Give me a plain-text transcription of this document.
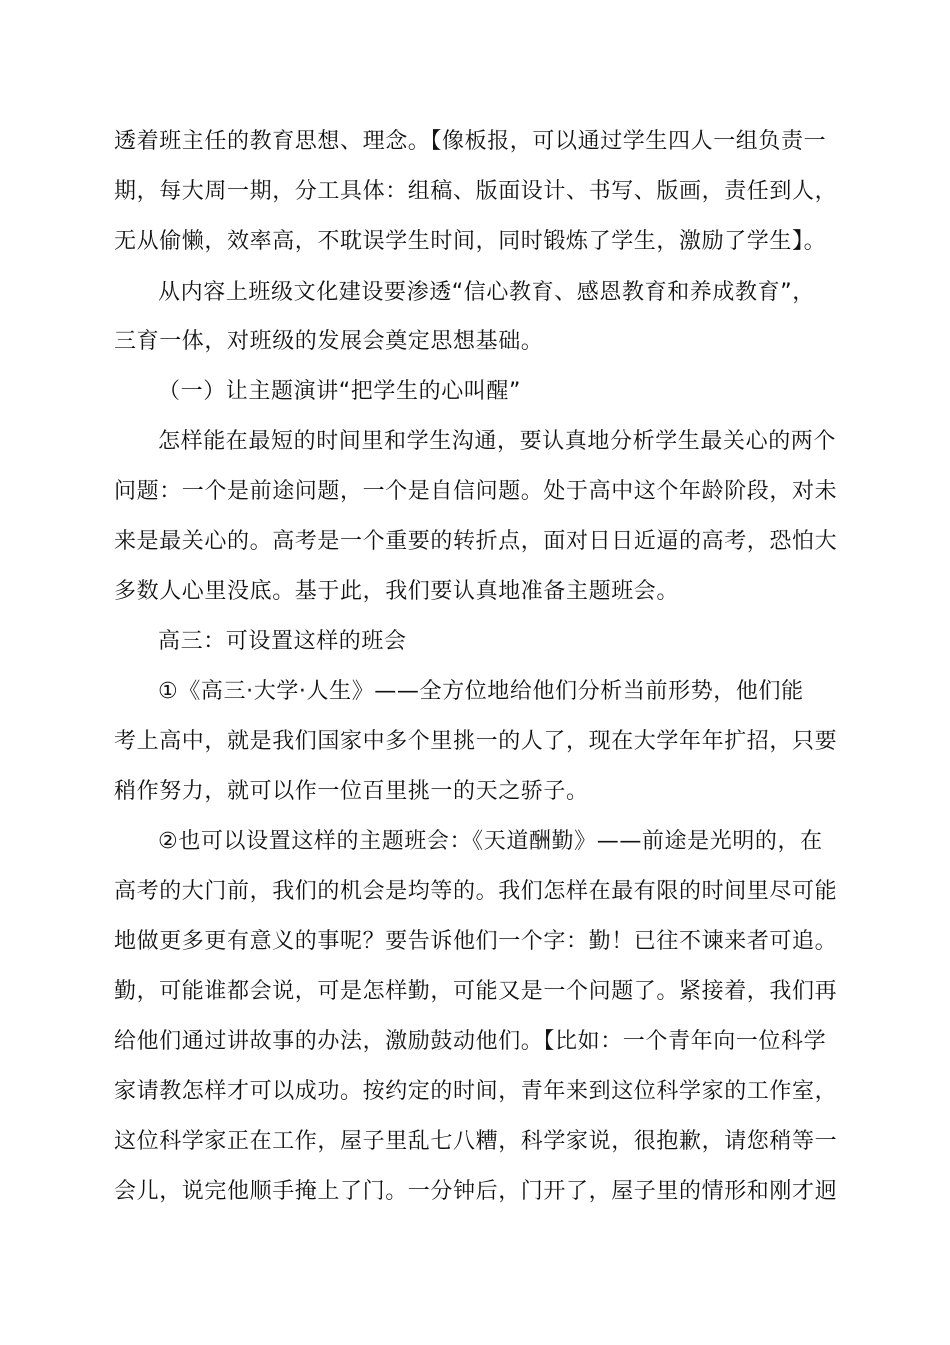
透着班主任的教育思想、理念。【像板报，可以通过学生四人一组负责一
期，每大周一期，分工具体：组稿、版面设计、书写、版画，责任到人，
无从偷懒，效率高，不耽误学生时间，同时锻炼了学生，激励了学生】。
从内容上班级文化建设要渗透“信心教育、感恩教育和养成教育”，
三育一体，对班级的发展会奠定思想基础。
（一）让主题演讲“把学生的心叫醒”
怎样能在最短的时间里和学生沟通，要认真地分析学生最关心的两个
问题：一个是前途问题，一个是自信问题。处于高中这个年龄阶段，对未
来是最关心的。高考是一个重要的转折点，面对日日近逼的高考，恐怕大
多数人心里没底。基于此，我们要认真地准备主题班会。
高三：可设置这样的班会
①《高三·大学·人生》——全方位地给他们分析当前形势，他们能
考上高中，就是我们国家中多个里挑一的人了，现在大学年年扩招，只要
稍作努力，就可以作一位百里挑一的天之骄子。
②也可以设置这样的主题班会：《天道酬勤》——前途是光明的，在
高考的大门前，我们的机会是均等的。我们怎样在最有限的时间里尽可能
地做更多更有意义的事呢？要告诉他们一个字：勤！已往不谏来者可追。
勤，可能谁都会说，可是怎样勤，可能又是一个问题了。紧接着，我们再
给他们通过讲故事的办法，激励鼓动他们。【比如：一个青年向一位科学
家请教怎样才可以成功。按约定的时间，青年来到这位科学家的工作室，
这位科学家正在工作，屋子里乱七八糟，科学家说，很抱歉，请您稍等一
会儿，说完他顺手掩上了门。一分钟后，门开了，屋子里的情形和刚才迥
